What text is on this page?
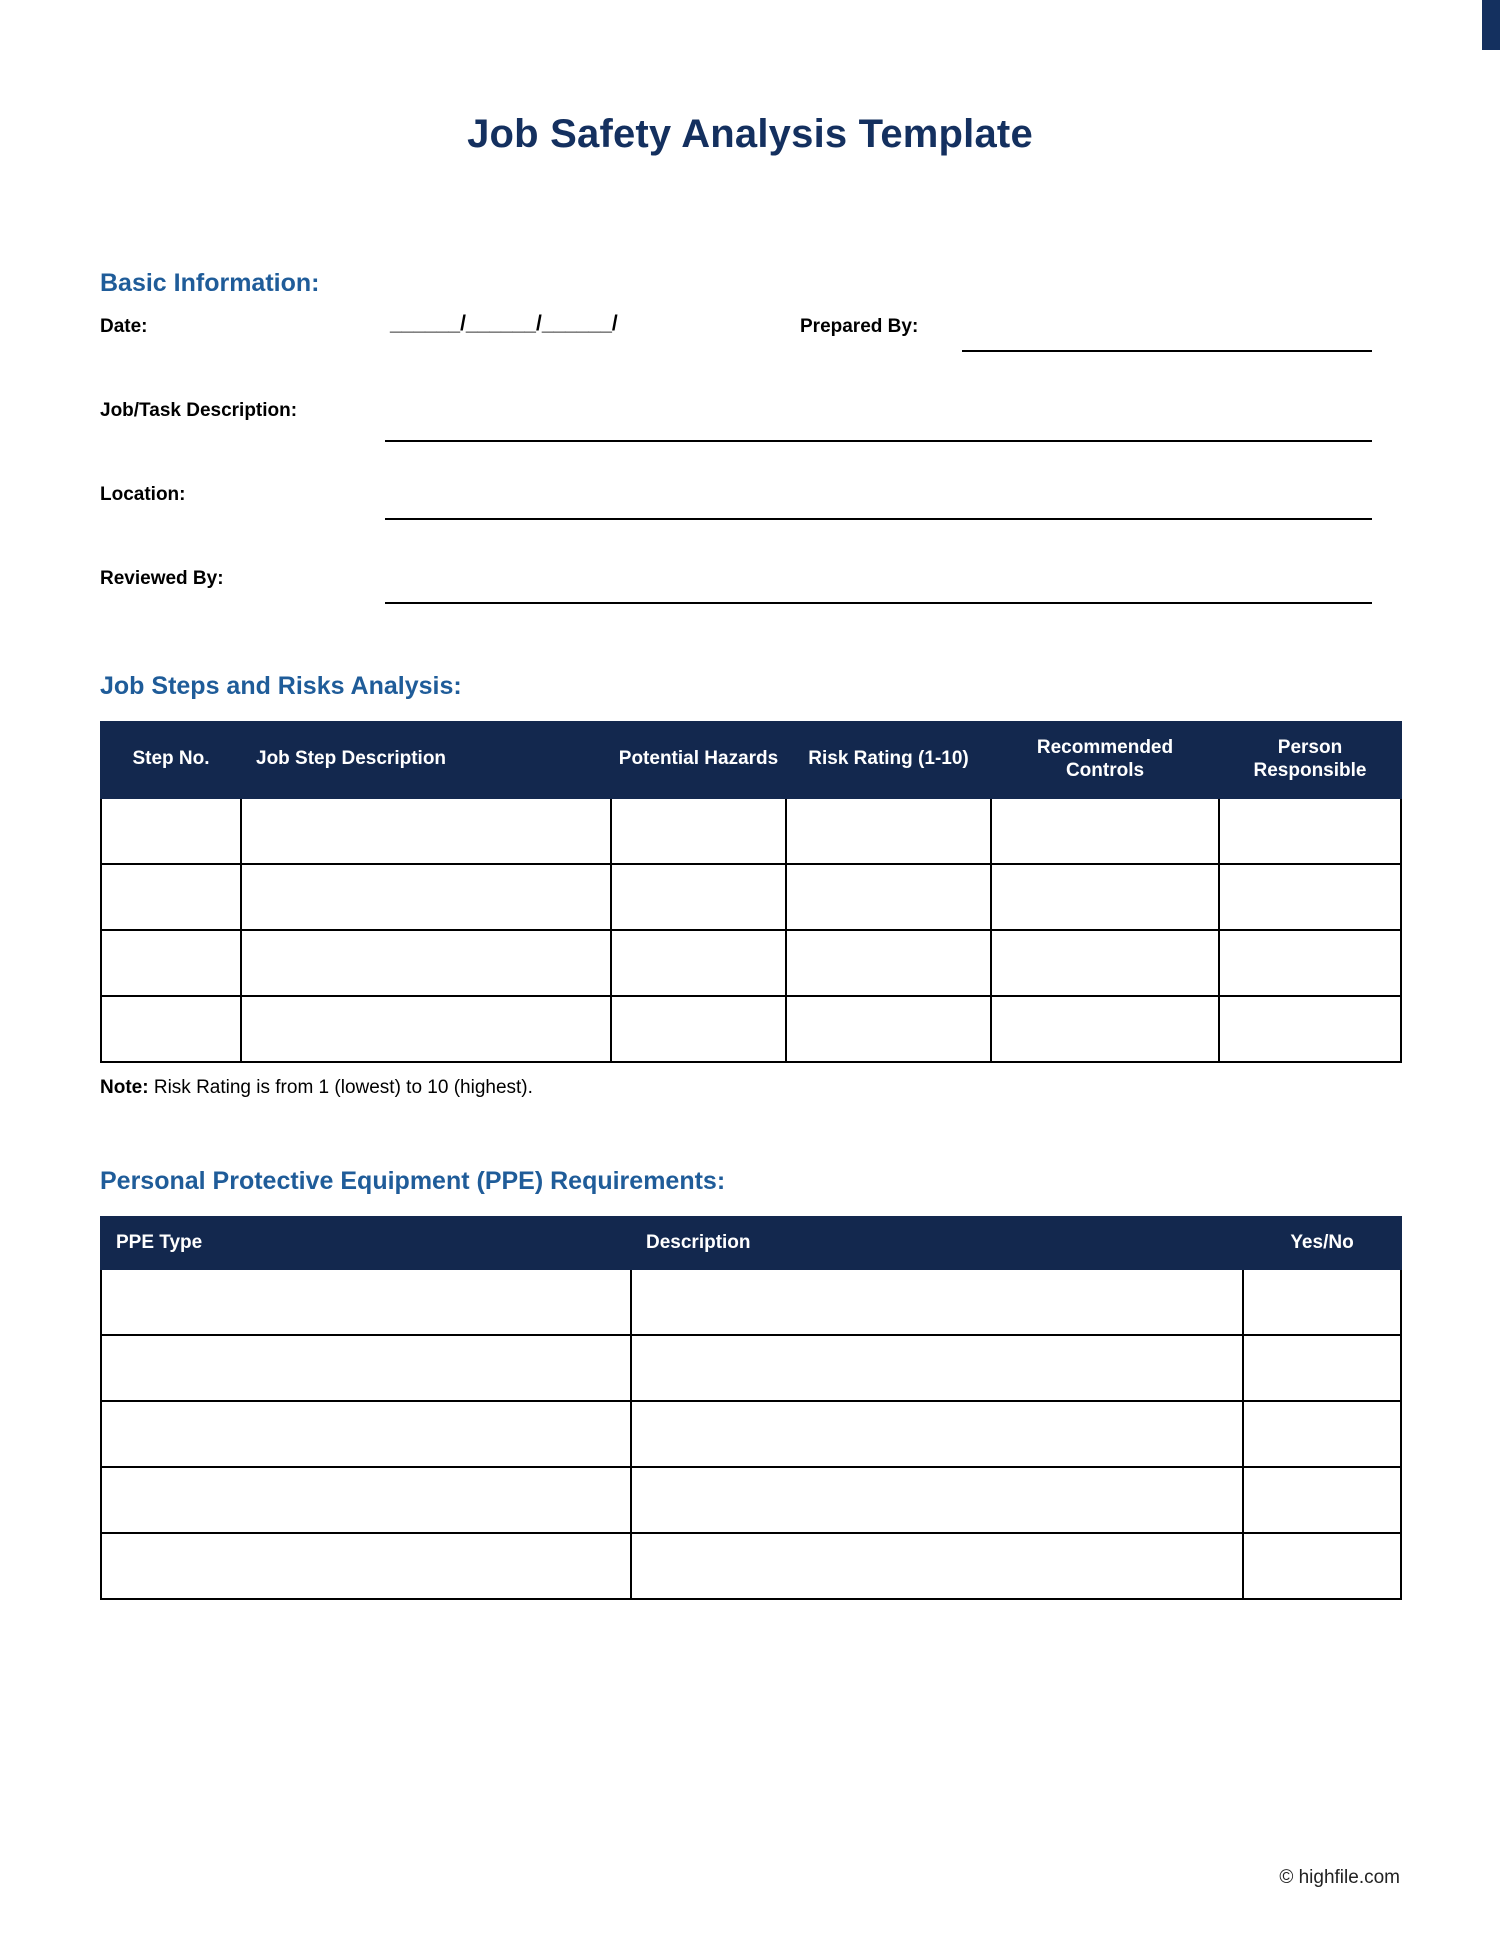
Job Safety Analysis Template
Basic Information:
Date:	______/______/______/	Prepared By:
Job/Task Description:
Location:
Reviewed By:
Job Steps and Risks Analysis:
Step No.	Job Step Description	Potential Hazards	Risk Rating (1-10)	Recommended Controls	Person Responsible

Note: Risk Rating is from 1 (lowest) to 10 (highest).
Personal Protective Equipment (PPE) Requirements:
PPE Type	Description	Yes/No

© highfile.com
